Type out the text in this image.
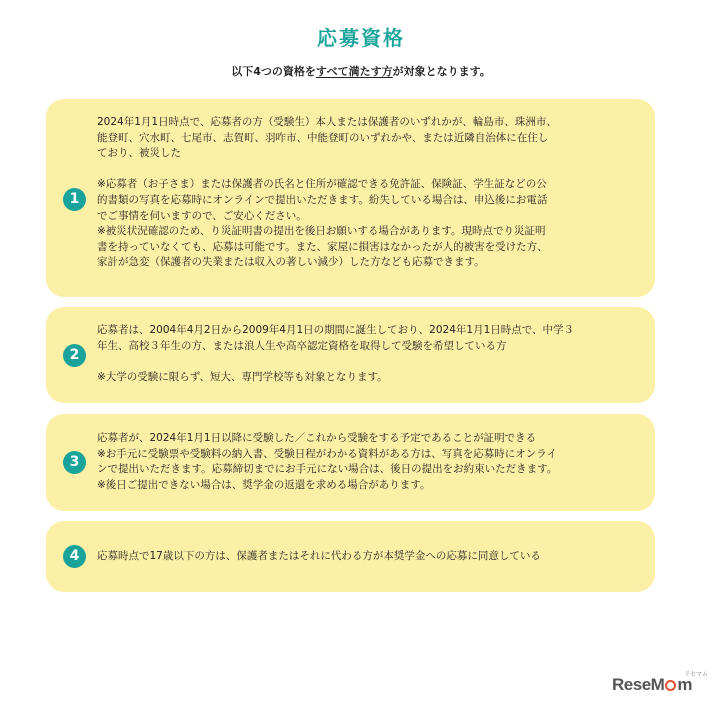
応募資格
以下4つの資格をすべて満たす方が対象となります。
1

2024年1月1日時点で、応募者の方（受験生）本人または保護者のいずれかが、輪島市、珠洲市、

能登町、穴水町、七尾市、志賀町、羽咋市、中能登町のいずれかや、または近隣自治体に在住し

ており、被災した

※応募者（お子さま）または保護者の氏名と住所が確認できる免許証、保険証、学生証などの公

的書類の写真を応募時にオンラインで提出いただきます。紛失している場合は、申込後にお電話

でご事情を伺いますので、ご安心ください。

※被災状況確認のため、り災証明書の提出を後日お願いする場合があります。現時点でり災証明

書を持っていなくても、応募は可能です。また、家屋に損害はなかったが人的被害を受けた方、

家計が急変（保護者の失業または収入の著しい減少）した方なども応募できます。

2

応募者は、2004年4月2日から2009年4月1日の期間に誕生しており、2024年1月1日時点で、中学３

年生、高校３年生の方、または浪人生や高卒認定資格を取得して受験を希望している方

※大学の受験に限らず、短大、専門学校等も対象となります。

3

応募者が、2024年1月1日以降に受験した／これから受験をする予定であることが証明できる

※お手元に受験票や受験料の納入書、受験日程がわかる資料がある方は、写真を応募時にオンライ

ンで提出いただきます。応募締切までにお手元にない場合は、後日の提出をお約束いただきます。

※後日ご提出できない場合は、奨学金の返還を求める場合があります。

4	応募時点で17歳以下の方は、保護者またはそれに代わる方が本奨学金への応募に同意している

ReseM m
リセマム
